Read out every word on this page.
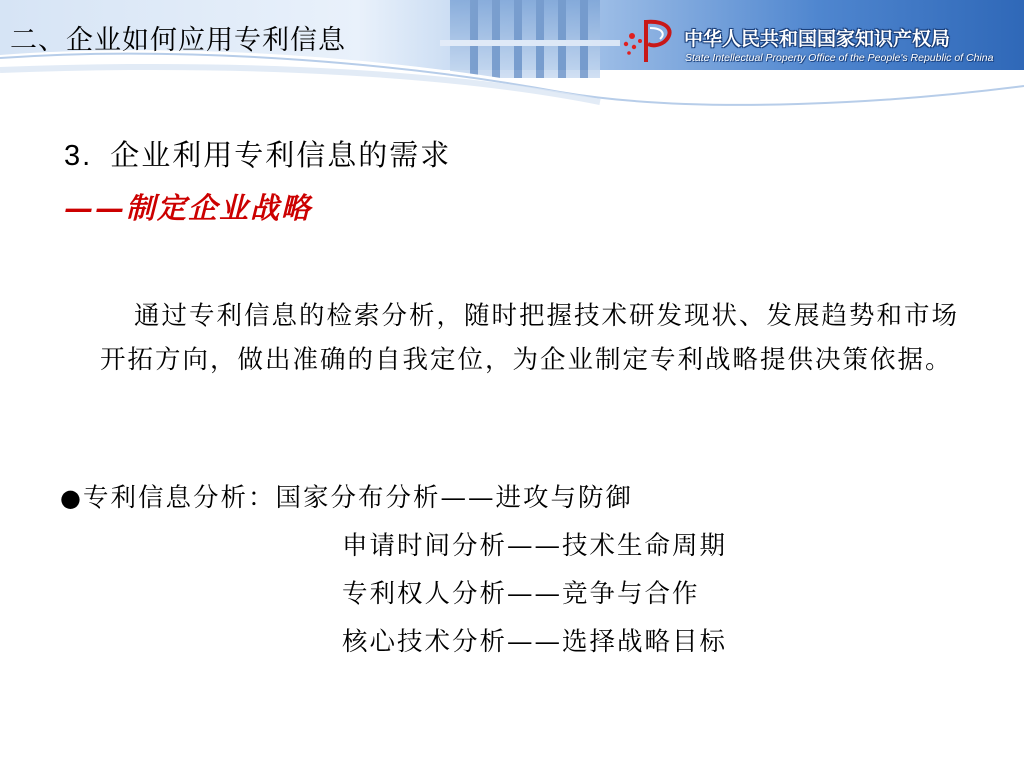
二、企业如何应用专利信息	中华人民共和国国家知识产权局
State Intellectual Property Office of the People's Republic of China
3. 企业利用专利信息的需求
——制定企业战略

通过专利信息的检索分析，随时把握技术研发现状、发展趋势和市场开拓方向，做出准确的自我定位，为企业制定专利战略提供决策依据。

●专利信息分析：国家分布分析——进攻与防御
申请时间分析——技术生命周期
专利权人分析——竞争与合作
核心技术分析——选择战略目标
